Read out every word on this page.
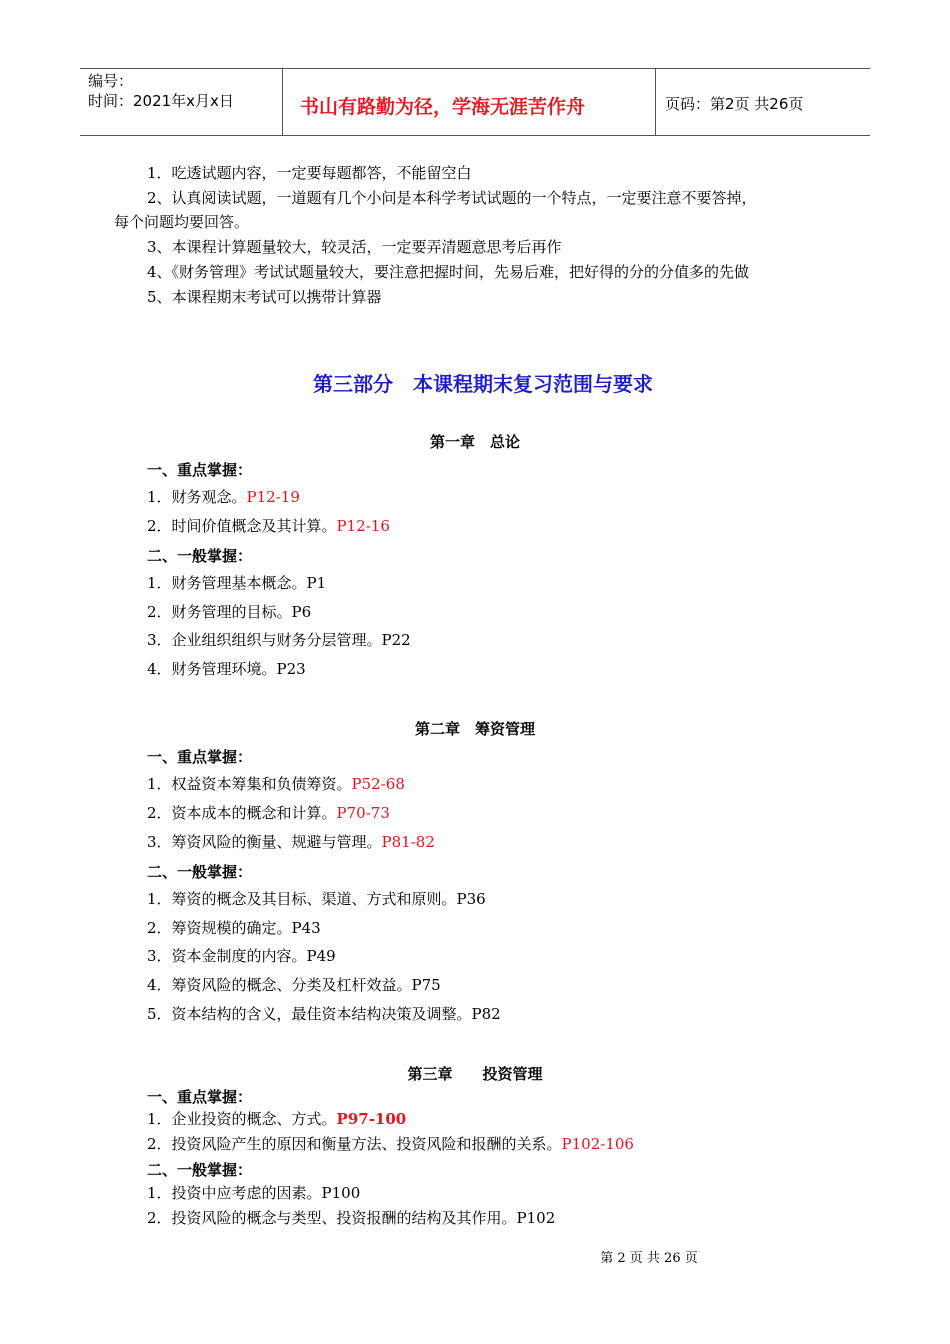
编号：
时间：2021年x月x日	书山有路勤为径，学海无涯苦作舟	页码：第2页 共26页
1．吃透试题内容，一定要每题都答，不能留空白
2、认真阅读试题，一道题有几个小问是本科学考试试题的一个特点，一定要注意不要答掉，
每个问题均要回答。
3、本课程计算题量较大，较灵活，一定要弄清题意思考后再作
4、《财务管理》考试试题量较大，要注意把握时间，先易后难，把好得的分的分值多的先做
5、本课程期末考试可以携带计算器
第三部分　本课程期末复习范围与要求
第一章　总论
一、重点掌握：
1．财务观念。P12-19
2．时间价值概念及其计算。P12-16
二、一般掌握：
1．财务管理基本概念。P1
2．财务管理的目标。P6
3．企业组织组织与财务分层管理。P22
4．财务管理环境。P23
第二章　筹资管理
一、重点掌握：
1．权益资本筹集和负债筹资。P52-68
2．资本成本的概念和计算。P70-73
3．筹资风险的衡量、规避与管理。P81-82
二、一般掌握：
1．筹资的概念及其目标、渠道、方式和原则。P36
2．筹资规模的确定。P43
3．资本金制度的内容。P49
4．筹资风险的概念、分类及杠杆效益。P75
5．资本结构的含义，最佳资本结构决策及调整。P82
第三章　　投资管理
一、重点掌握：
1．企业投资的概念、方式。P97-100
2．投资风险产生的原因和衡量方法、投资风险和报酬的关系。P102-106
二、一般掌握：
1．投资中应考虑的因素。P100
2．投资风险的概念与类型、投资报酬的结构及其作用。P102
第 2 页 共 26 页
